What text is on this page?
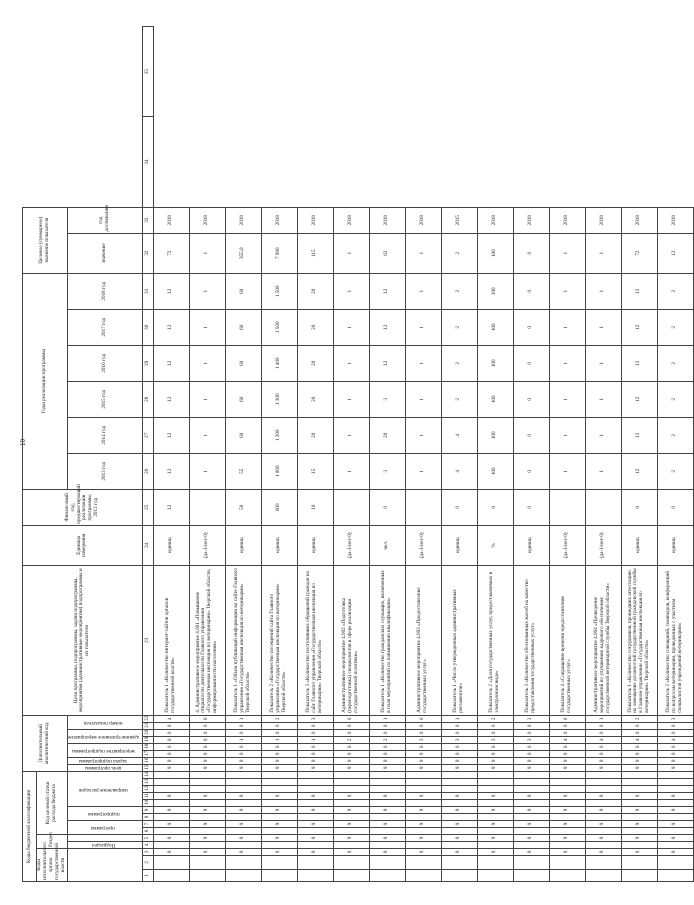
10
Коды бюджетной классификации														Дополнительный аналитический код								Цели программы, подпрограммы, задачи подпрограммы, мероприятия (административные мероприятия) подпрограммы и их показатели	Единица измерения	Финансовый год, предшествующий реализации программы, 2012 год	Годы реализации программы						Целевое (суммарное) значение показателя			
Коды исполнительного органа государственной власти			Раздел		Код целевой статьи расхода бюджета																													
			Подраздел		программа		подпрограмма		направление расходов					цель программы	задача подпрограммы	мероприятие подпрограммы		административное мероприятие		номер показателя					2013 год	2014 год	2015 год	2016 год	2017 год	2018 год	значение	год достижения		
1	2	3	4	5	6	7	8	9	10	11	12	13	14	15	16	17	18	19	20	21	22	23	24	25	26	27	28	29	30	31	32	33	34	35
		9		9		9		9		9				9	9	0	0	0	0	0	4	Показатель 1 «Количество интернет-сайтов органов государственной власти»	единиц	12	12	12	12	12	12	12	72	2018		
		9		9		9		9		9				9	9	0	0	0	0	0	0	4. Административное мероприятие 4.001 «Повышение открытости деятельности Главного управления «Государственная инспекция по ветеринарии» Тверской области, информированности населения»	(да-1/нет-0)		1	1	1	1	1	1	1	2018		
		9		9		9		9		9				9	9	0	0	1	0	0	1	Показатель 1 «Объем публикаций информации на сайте Главного управления «Государственная инспекция по ветеринарии» Тверской области»	единиц	50	55	60	60	60	60	60	355,0	2018		
		9		9		9		9		9				9	9	0	0	1	0	0	2	Показатель 2 «Количество посещений сайта Главного управления «Государственная инспекция по ветеринарии» Тверской области»	единиц	600	1 000	1 200	1 300	1 400	1 500	1 500	7 900	2018		
		9		9		9		9		9				9	9	0	0	1	0	0	3	Показатель 3 «Количество поступивших обращений граждан на сайт Главного управления «Государственная инспекция по ветеринарии» Тверской области»	единиц	10	15	20	20	20	20	20	115	2018		
		9		9		9		9		9				9	9	0	0	2	0	0	0	Административное мероприятие 4.002 «Подготовка (переподготовка) специалистов в сфере реализации государственной политики»	(да-1/нет-0)		1	1	1	1	1	1	1	2018		
		9		9		9		9		9				9	9	0	0	2	0	0	1	Показатель 1 «Количество гражданских служащих, включенных в план мероприятий по повышению квалификации»	чел.	0	3	20	3	12	12	12	62	2018		
		9		9		9		9		9				9	9	0	0	3	0	0	0	Административное мероприятие 4.003 «Предоставление государственных услуг»	(да-1/нет-0)		1	1	1	1	1	1	1	2018		
		9		9		9		9		9				9	9	0	0	3	0	0	1	Показатель 1 «Число утвержденных административных регламентов»	единиц	0	4	4	2	2	2	2	2	2015		
		9		9		9		9		9				9	9	0	0	3	0	0	2	Показатель 2 «Доля государственных услуг, предоставляемых в электронном виде»	%	0	100	100	100	100	100	100	100	2018		
		9		9		9		9		9				9	9	0	0	3	0	0	3	Показатель 3 «Количество обоснованных жалоб на качество предоставления государственных услуг»	единиц	0	0	0	0	0	0	0	0	2018		
		9		9		9		9		9				9	9	0	0	4	0	0	0	Показатель 4 «Сокращение времени предоставления государственных услуг»	(да-1/нет-0)		1	1	1	1	1	1	1	2018		
		9		9		9		9		9				9	9	0	0	4	0	0	1	Административное мероприятие 4.004 «Проведение мероприятий по улучшению кадрового обеспечения государственной ветеринарной службы Тверской области»	(да-1/нет-0)		1	1	1	1	1	1	1	2018		
		9		9		9		9		9				9	9	0	0	4	0	0	2	Показатель 1 «Количество сотрудников, прошедших аттестацию на замещение должностей государственной гражданской службы в Главном управлении «Государственная инспекция по ветеринарии» Тверской области»	единиц	0	12	12	12	12	12	12	72	2018		
		9		9		9		9		9				9	9	0	0	4	0	0	3	Показатель 2 «Количество совещаний, семинаров, конференций по вопросам ветеринарии, проведенных с участием специалистов учреждений ветеринарии»	единиц	0	2	2	2	2	2	2	12	2018		
